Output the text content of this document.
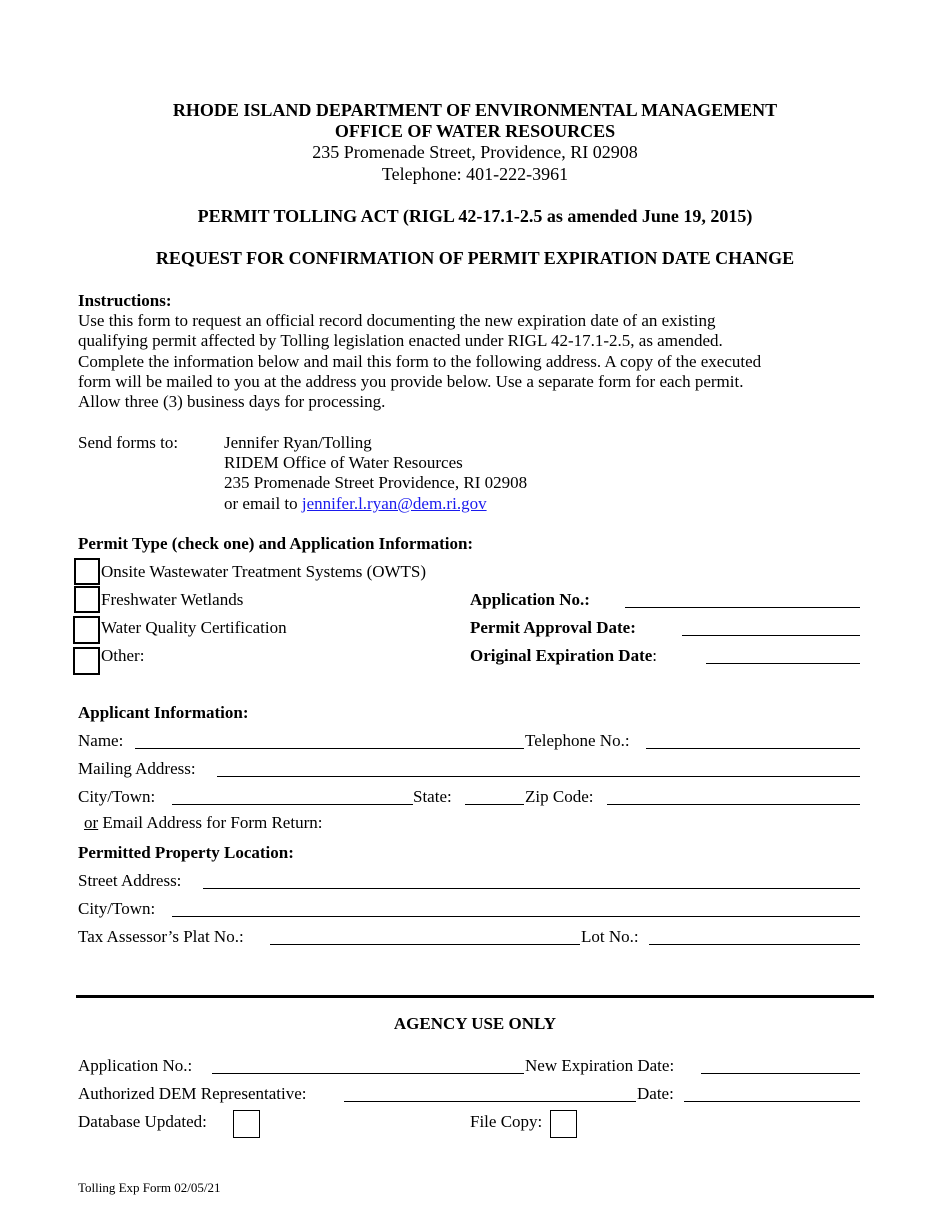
RHODE ISLAND DEPARTMENT OF ENVIRONMENTAL MANAGEMENT
OFFICE OF WATER RESOURCES
235 Promenade Street, Providence, RI 02908
Telephone: 401-222-3961
PERMIT TOLLING ACT (RIGL 42-17.1-2.5 as amended June 19, 2015)
REQUEST FOR CONFIRMATION OF PERMIT EXPIRATION DATE CHANGE
Instructions:
Use this form to request an official record documenting the new expiration date of an existing
qualifying permit affected by Tolling legislation enacted under RIGL 42-17.1-2.5, as amended.
Complete the information below and mail this form to the following address. A copy of the executed
form will be mailed to you at the address you provide below. Use a separate form for each permit.
Allow three (3) business days for processing.
Send forms to:	Jennifer Ryan/Tolling
RIDEM Office of Water Resources
235 Promenade Street Providence, RI 02908
or email to jennifer.l.ryan@dem.ri.gov
Permit Type (check one) and Application Information:
Onsite Wastewater Treatment Systems (OWTS)
Freshwater Wetlands
Water Quality Certification
Other:
Application No.:
Permit Approval Date:
Original Expiration Date:
Applicant Information:
Name:	Telephone No.:
Mailing Address:
City/Town:	State:	Zip Code:
or Email Address for Form Return:
Permitted Property Location:
Street Address:
City/Town:
Tax Assessor’s Plat No.:	Lot No.:
AGENCY USE ONLY
Application No.:	New Expiration Date:
Authorized DEM Representative:	Date:
Database Updated:	File Copy:
Tolling Exp Form 02/05/21
